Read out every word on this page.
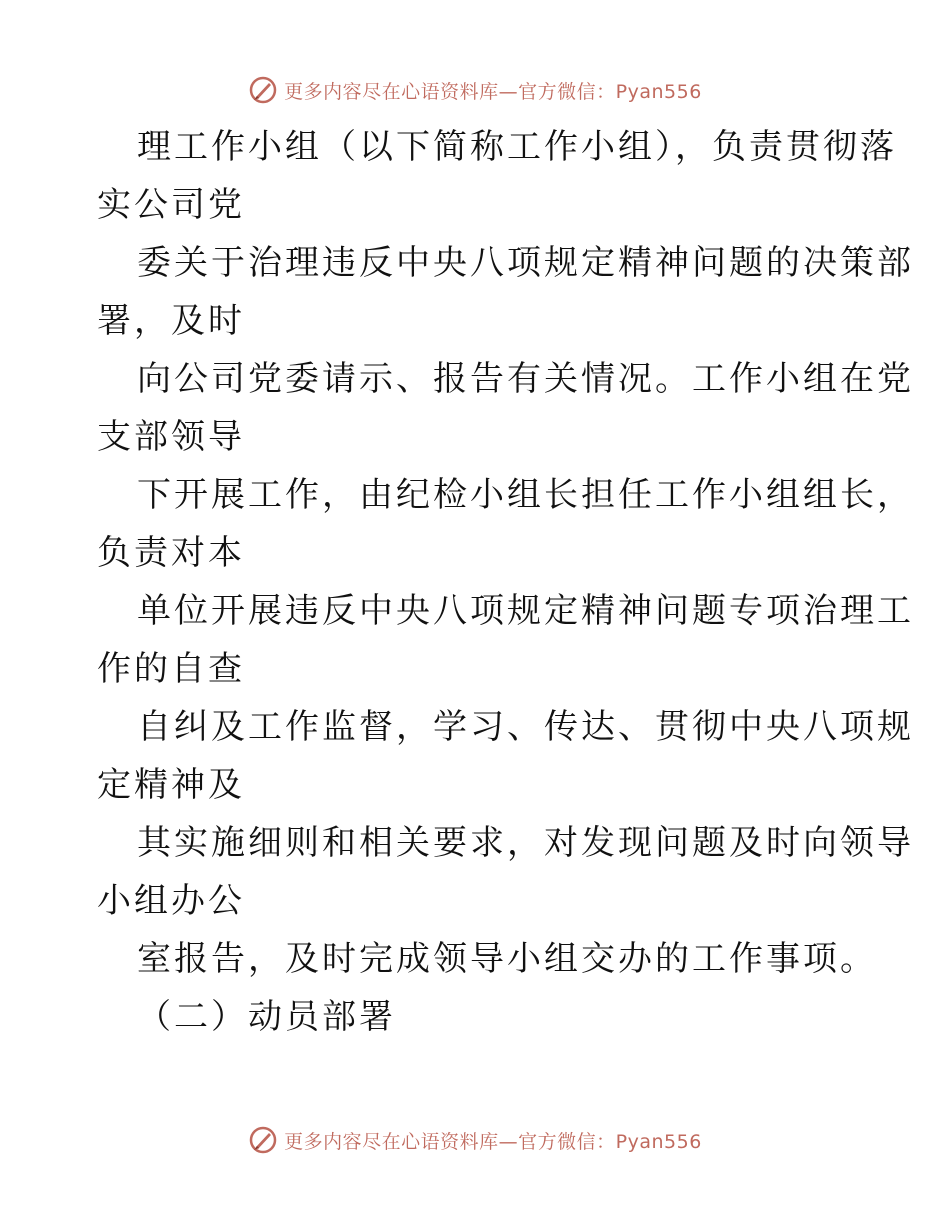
更多内容尽在心语资料库—官方微信：Pyan556
理工作小组（以下简称工作小组），负责贯彻落
实公司党
委关于治理违反中央八项规定精神问题的决策部
署，及时
向公司党委请示、报告有关情况。工作小组在党
支部领导
下开展工作，由纪检小组长担任工作小组组长，
负责对本
单位开展违反中央八项规定精神问题专项治理工
作的自查
自纠及工作监督，学习、传达、贯彻中央八项规
定精神及
其实施细则和相关要求，对发现问题及时向领导
小组办公
室报告，及时完成领导小组交办的工作事项。
（二）动员部署
更多内容尽在心语资料库—官方微信：Pyan556
